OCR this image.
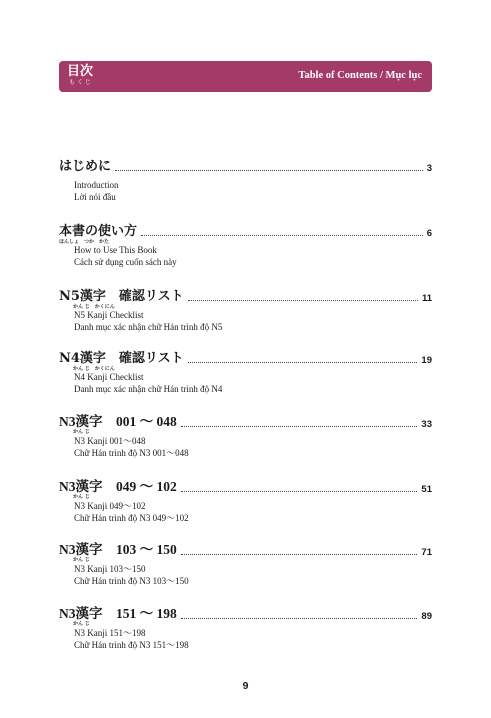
目次
もくじ
Table of Contents / Mục lục
はじめに	3
Introduction
Lời nói đầu
本書の使い方
ほんしょ　つか　かた
6
How to Use This Book
Cách sử dụng cuốn sách này
N5漢字　確認リスト
かん じ　かくにん
11
N5 Kanji Checklist
Danh mục xác nhận chữ Hán trình độ N5
N4漢字　確認リスト
かん じ　かくにん
19
N4 Kanji Checklist
Danh mục xác nhận chữ Hán trình độ N4
N3漢字　001 ～ 048
かん じ
33
N3 Kanji 001～048
Chữ Hán trình độ N3 001～048
N3漢字　049 ～ 102
かん じ
51
N3 Kanji 049～102
Chữ Hán trình độ N3 049～102
N3漢字　103 ～ 150
かん じ
71
N3 Kanji 103～150
Chữ Hán trình độ N3 103～150
N3漢字　151 ～ 198
かん じ
89
N3 Kanji 151～198
Chữ Hán trình độ N3 151～198
9
